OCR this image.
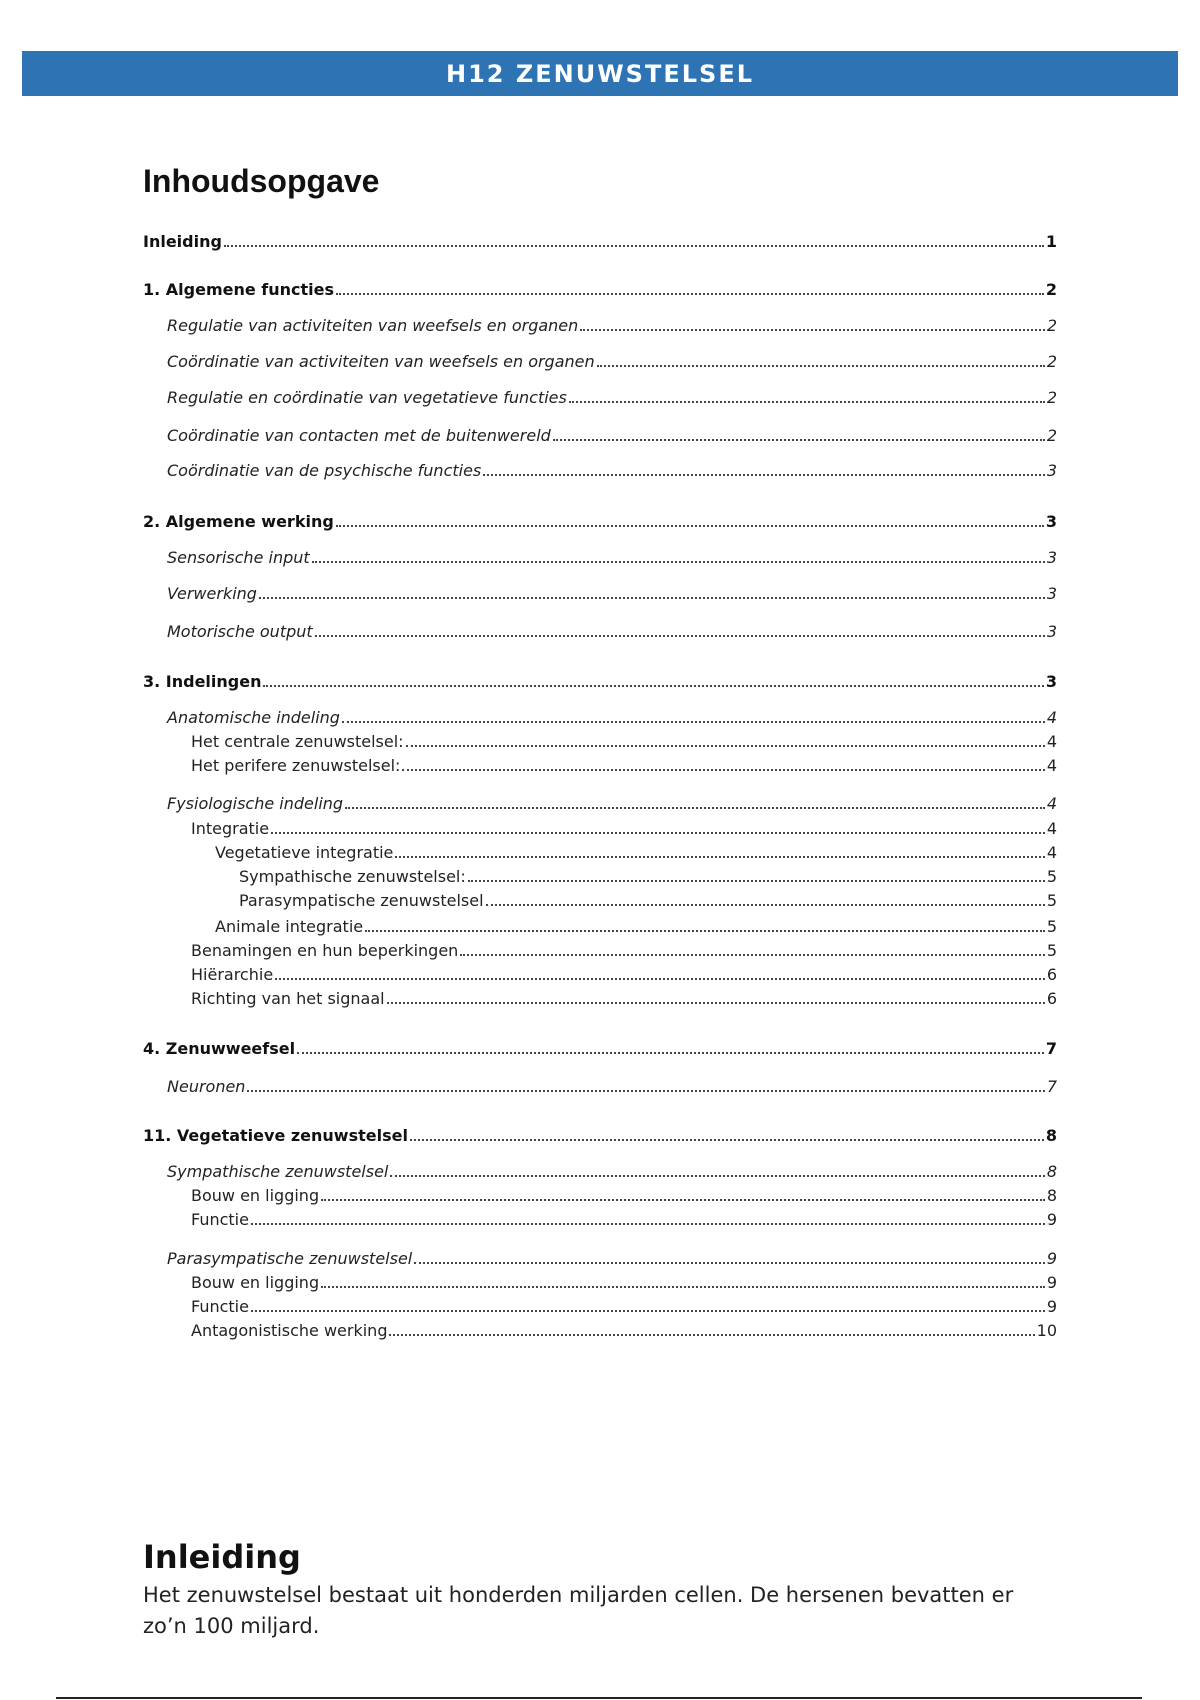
H12 ZENUWSTELSEL
Inhoudsopgave
Inleiding	1
1. Algemene functies	2
Regulatie van activiteiten van weefsels en organen	2
Coördinatie van activiteiten van weefsels en organen	2
Regulatie en coördinatie van vegetatieve functies	2
Coördinatie van contacten met de buitenwereld	2
Coördinatie van de psychische functies	3
2. Algemene werking	3
Sensorische input	3
Verwerking	3
Motorische output	3
3. Indelingen	3
Anatomische indeling	4
Het centrale zenuwstelsel:	4
Het perifere zenuwstelsel:	4
Fysiologische indeling	4
Integratie	4
Vegetatieve integratie	4
Sympathische zenuwstelsel:	5
Parasympatische zenuwstelsel	5
Animale integratie	5
Benamingen en hun beperkingen	5
Hiërarchie	6
Richting van het signaal	6
4. Zenuwweefsel	7
Neuronen	7
11. Vegetatieve zenuwstelsel	8
Sympathische zenuwstelsel	8
Bouw en ligging	8
Functie	9
Parasympatische zenuwstelsel	9
Bouw en ligging	9
Functie	9
Antagonistische werking	10
Inleiding

Het zenuwstelsel bestaat uit honderden miljarden cellen. De hersenen bevatten er zo’n 100 miljard.
